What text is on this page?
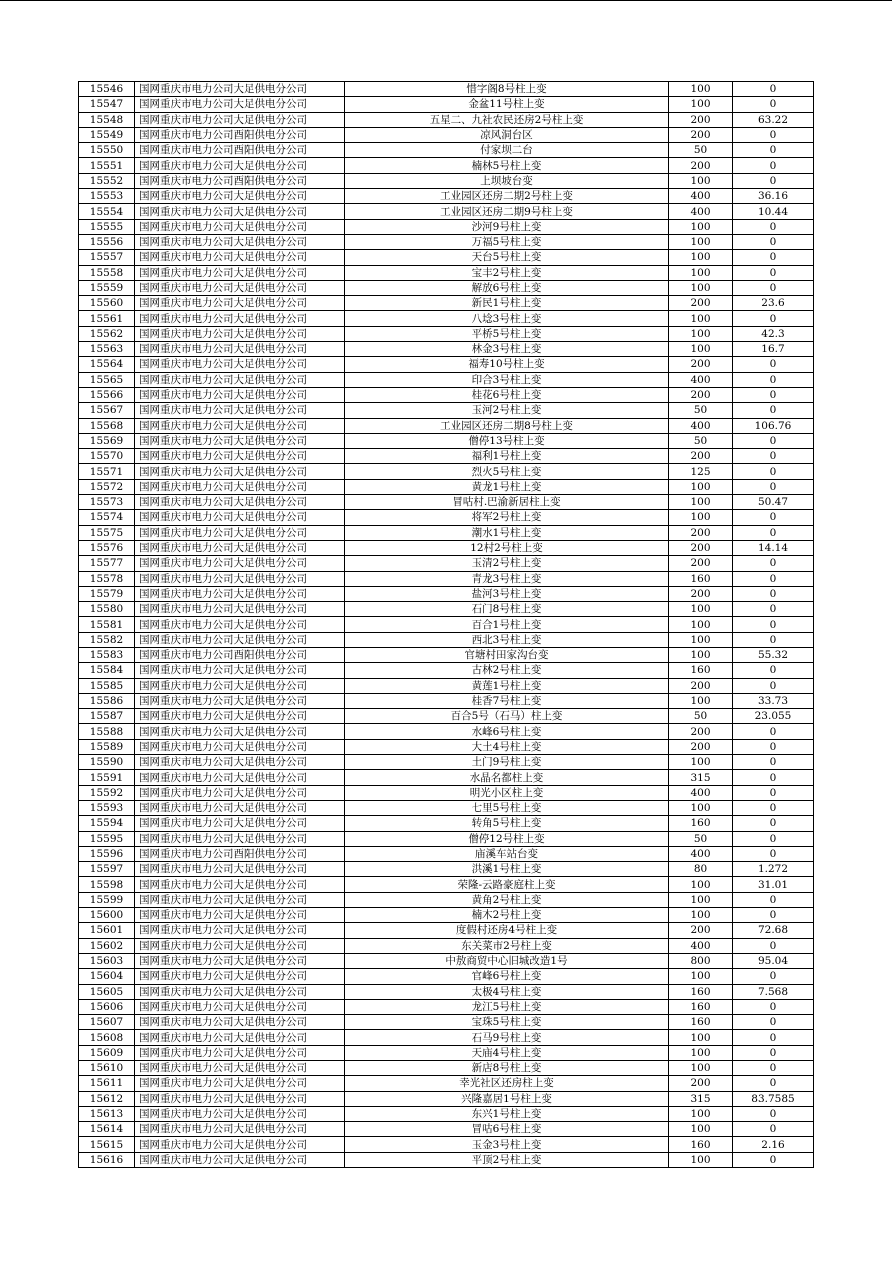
15546	国网重庆市电力公司大足供电分公司	惜字阁8号柱上变	100	0
15547	国网重庆市电力公司大足供电分公司	金盆11号柱上变	100	0
15548	国网重庆市电力公司大足供电分公司	五星二、九社农民还房2号柱上变	200	63.22
15549	国网重庆市电力公司酉阳供电分公司	凉风洞台区	200	0
15550	国网重庆市电力公司酉阳供电分公司	付家坝二台	50	0
15551	国网重庆市电力公司大足供电分公司	楠林5号柱上变	200	0
15552	国网重庆市电力公司酉阳供电分公司	上坝坡台变	100	0
15553	国网重庆市电力公司大足供电分公司	工业园区还房二期2号柱上变	400	36.16
15554	国网重庆市电力公司大足供电分公司	工业园区还房二期9号柱上变	400	10.44
15555	国网重庆市电力公司大足供电分公司	沙河9号柱上变	100	0
15556	国网重庆市电力公司大足供电分公司	万福5号柱上变	100	0
15557	国网重庆市电力公司大足供电分公司	天台5号柱上变	100	0
15558	国网重庆市电力公司大足供电分公司	宝丰2号柱上变	100	0
15559	国网重庆市电力公司大足供电分公司	解放6号柱上变	100	0
15560	国网重庆市电力公司大足供电分公司	新民1号柱上变	200	23.6
15561	国网重庆市电力公司大足供电分公司	八埝3号柱上变	100	0
15562	国网重庆市电力公司大足供电分公司	平桥5号柱上变	100	42.3
15563	国网重庆市电力公司大足供电分公司	林金3号柱上变	100	16.7
15564	国网重庆市电力公司大足供电分公司	福寿10号柱上变	200	0
15565	国网重庆市电力公司大足供电分公司	印合3号柱上变	400	0
15566	国网重庆市电力公司大足供电分公司	桂花6号柱上变	200	0
15567	国网重庆市电力公司大足供电分公司	玉河2号柱上变	50	0
15568	国网重庆市电力公司大足供电分公司	工业园区还房二期8号柱上变	400	106.76
15569	国网重庆市电力公司大足供电分公司	僧停13号柱上变	50	0
15570	国网重庆市电力公司大足供电分公司	福利1号柱上变	200	0
15571	国网重庆市电力公司大足供电分公司	烈火5号柱上变	125	0
15572	国网重庆市电力公司大足供电分公司	黄龙1号柱上变	100	0
15573	国网重庆市电力公司大足供电分公司	冒咕村.巴渝新居柱上变	100	50.47
15574	国网重庆市电力公司大足供电分公司	将军2号柱上变	100	0
15575	国网重庆市电力公司大足供电分公司	潮水1号柱上变	200	0
15576	国网重庆市电力公司大足供电分公司	12村2号柱上变	200	14.14
15577	国网重庆市电力公司大足供电分公司	玉清2号柱上变	200	0
15578	国网重庆市电力公司大足供电分公司	青龙3号柱上变	160	0
15579	国网重庆市电力公司大足供电分公司	盐河3号柱上变	200	0
15580	国网重庆市电力公司大足供电分公司	石门8号柱上变	100	0
15581	国网重庆市电力公司大足供电分公司	百合1号柱上变	100	0
15582	国网重庆市电力公司大足供电分公司	西北3号柱上变	100	0
15583	国网重庆市电力公司酉阳供电分公司	官塘村田家沟台变	100	55.32
15584	国网重庆市电力公司大足供电分公司	古林2号柱上变	160	0
15585	国网重庆市电力公司大足供电分公司	黄莲1号柱上变	200	0
15586	国网重庆市电力公司大足供电分公司	桂香7号柱上变	100	33.73
15587	国网重庆市电力公司大足供电分公司	百合5号（石马）柱上变	50	23.055
15588	国网重庆市电力公司大足供电分公司	水峰6号柱上变	200	0
15589	国网重庆市电力公司大足供电分公司	大土4号柱上变	200	0
15590	国网重庆市电力公司大足供电分公司	土门9号柱上变	100	0
15591	国网重庆市电力公司大足供电分公司	水晶名都柱上变	315	0
15592	国网重庆市电力公司大足供电分公司	明光小区柱上变	400	0
15593	国网重庆市电力公司大足供电分公司	七里5号柱上变	100	0
15594	国网重庆市电力公司大足供电分公司	转角5号柱上变	160	0
15595	国网重庆市电力公司大足供电分公司	僧停12号柱上变	50	0
15596	国网重庆市电力公司酉阳供电分公司	庙溪车站台变	400	0
15597	国网重庆市电力公司大足供电分公司	洪溪1号柱上变	80	1.272
15598	国网重庆市电力公司大足供电分公司	荣隆-云路豪庭柱上变	100	31.01
15599	国网重庆市电力公司大足供电分公司	黄角2号柱上变	100	0
15600	国网重庆市电力公司大足供电分公司	楠木2号柱上变	100	0
15601	国网重庆市电力公司大足供电分公司	度假村还房4号柱上变	200	72.68
15602	国网重庆市电力公司大足供电分公司	东关菜市2号柱上变	400	0
15603	国网重庆市电力公司大足供电分公司	中敖商贸中心旧城改造1号	800	95.04
15604	国网重庆市电力公司大足供电分公司	官峰6号柱上变	100	0
15605	国网重庆市电力公司大足供电分公司	太极4号柱上变	160	7.568
15606	国网重庆市电力公司大足供电分公司	龙江5号柱上变	160	0
15607	国网重庆市电力公司大足供电分公司	宝珠5号柱上变	160	0
15608	国网重庆市电力公司大足供电分公司	石马9号柱上变	100	0
15609	国网重庆市电力公司大足供电分公司	天庙4号柱上变	100	0
15610	国网重庆市电力公司大足供电分公司	新店8号柱上变	100	0
15611	国网重庆市电力公司大足供电分公司	幸光社区还房柱上变	200	0
15612	国网重庆市电力公司大足供电分公司	兴隆嘉居1号柱上变	315	83.7585
15613	国网重庆市电力公司大足供电分公司	东兴1号柱上变	100	0
15614	国网重庆市电力公司大足供电分公司	冒咕6号柱上变	100	0
15615	国网重庆市电力公司大足供电分公司	玉金3号柱上变	160	2.16
15616	国网重庆市电力公司大足供电分公司	平顶2号柱上变	100	0
